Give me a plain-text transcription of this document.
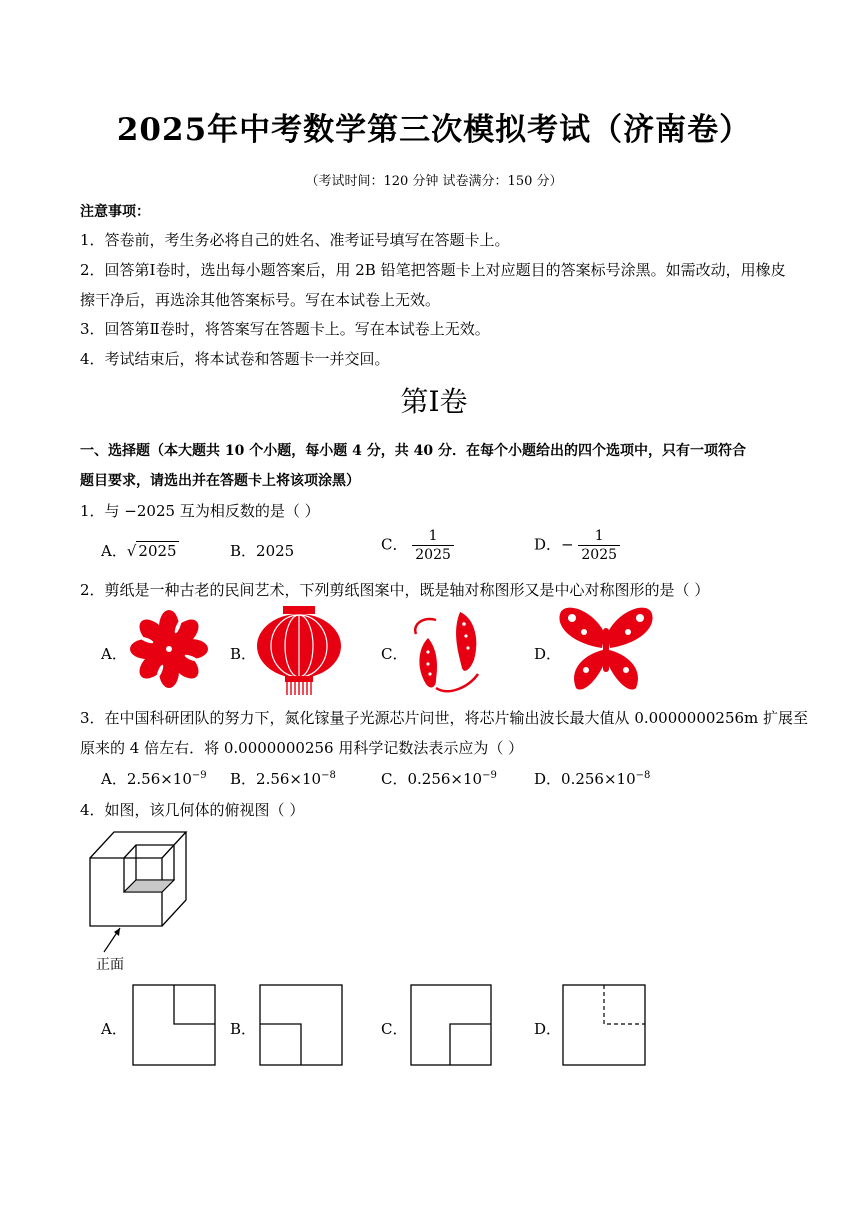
2025年中考数学第三次模拟考试（济南卷）
（考试时间：120 分钟 试卷满分：150 分）
注意事项：
1．答卷前，考生务必将自己的姓名、准考证号填写在答题卡上。
2．回答第Ⅰ卷时，选出每小题答案后，用 2B 铅笔把答题卡上对应题目的答案标号涂黑。如需改动，用橡皮
擦干净后，再选涂其他答案标号。写在本试卷上无效。
3．回答第Ⅱ卷时，将答案写在答题卡上。写在本试卷上无效。
4．考试结束后，将本试卷和答题卡一并交回。
第Ⅰ卷
一、选择题（本大题共 10 个小题，每小题 4 分，共 40 分．在每个小题给出的四个选项中，只有一项符合
题目要求，请选出并在答题卡上将该项涂黑）
1．与 −2025 互为相反数的是（ ）
A．√ 2025	B．2025	C． $\frac{1}{2025}$	D．− $\frac{1}{2025}$
2．剪纸是一种古老的民间艺术，下列剪纸图案中，既是轴对称图形又是中心对称图形的是（ ）
A．	B．	C．	D．
3．在中国科研团队的努力下，氮化镓量子光源芯片问世，将芯片输出波长最大值从 0.0000000256m 扩展至
原来的 4 倍左右．将 0.0000000256 用科学记数法表示应为（ ）
A．$2.56\times 10^{-9}$ B．$2.56\times 10^{-8}$	C．$0.256\times 10^{-9}$ D．$0.256\times 10^{-8}$
4．如图，该几何体的俯视图（ ）
正面
A．	B．	C．	D．
